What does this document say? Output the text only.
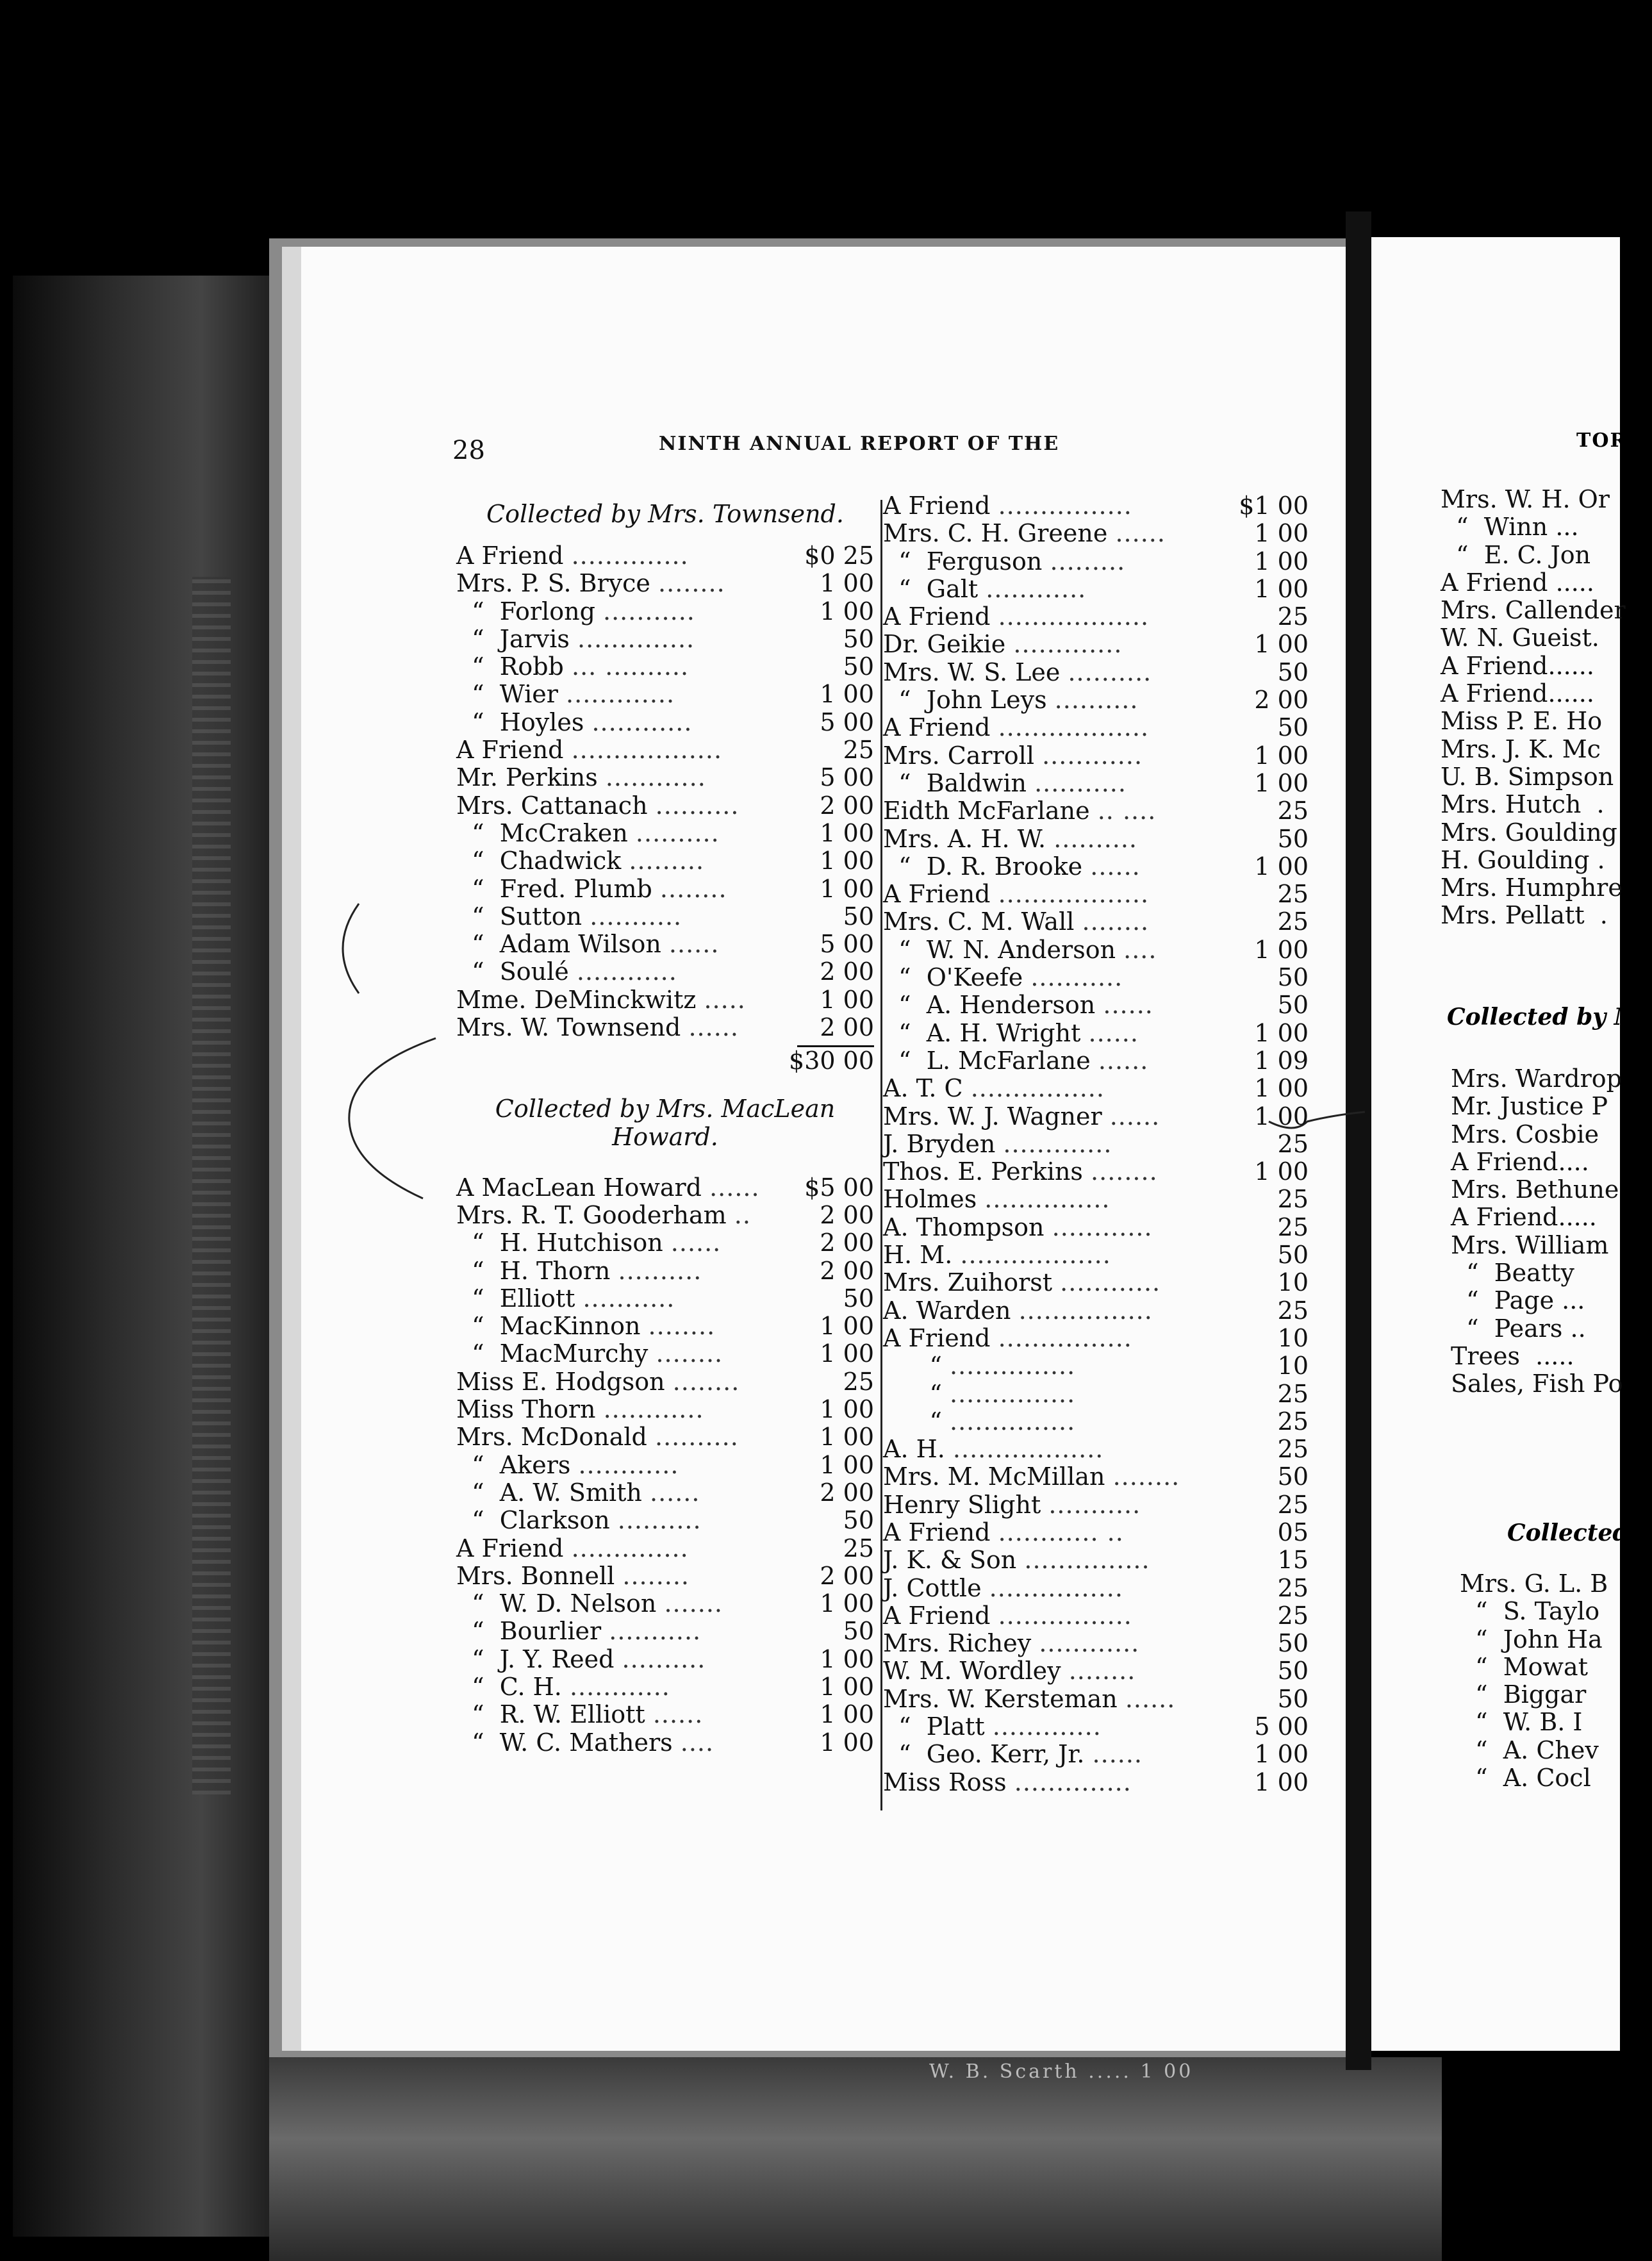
W. B. Scarth ..... 1 00
28	NINTH ANNUAL REPORT OF THE
Collected by Mrs. Townsend.
A Friend ..............	$0 25
Mrs. P. S. Bryce ........	1 00
“  Forlong ...........	1 00
“  Jarvis ..............	50
“  Robb ... ..........	50
“  Wier .............	1 00
“  Hoyles ............	5 00
A Friend ..................	25
Mr. Perkins ............	5 00
Mrs. Cattanach ..........	2 00
“  McCraken ..........	1 00
“  Chadwick .........	1 00
“  Fred. Plumb ........	1 00
“  Sutton ...........	50
“  Adam Wilson ......	5 00
“  Soulé ............	2 00
Mme. DeMinckwitz .....	1 00
Mrs. W. Townsend ......	2 00
$30 00
Collected by Mrs. MacLean
Howard.
A MacLean Howard ...... $5 00
Mrs. R. T. Gooderham ..	2 00
“  H. Hutchison ......	2 00
“  H. Thorn ..........	2 00
“  Elliott ...........	50
“  MacKinnon ........	1 00
“  MacMurchy ........	1 00
Miss E. Hodgson ........	25
Miss Thorn ............	1 00
Mrs. McDonald ..........	1 00
“  Akers ............	1 00
“  A. W. Smith ......	2 00
“  Clarkson ..........	50
A Friend ..............	25
Mrs. Bonnell ........	2 00
“  W. D. Nelson .......	1 00
“  Bourlier ...........	50
“  J. Y. Reed ..........	1 00
“  C. H. ............	1 00
“  R. W. Elliott ......	1 00
“  W. C. Mathers ....	1 00
A Friend ................	$1 00
Mrs. C. H. Greene ......	1 00
“  Ferguson .........	1 00
“  Galt ............	1 00
A Friend ..................	25
Dr. Geikie .............	1 00
Mrs. W. S. Lee ..........	50
“  John Leys ..........	2 00
A Friend ..................	50
Mrs. Carroll ............	1 00
“  Baldwin ...........	1 00
Eidth McFarlane .. ....	25
Mrs. A. H. W. ..........	50
“  D. R. Brooke ......	1 00
A Friend ..................	25
Mrs. C. M. Wall ........	25
“  W. N. Anderson ....	1 00
“  O'Keefe ...........	50
“  A. Henderson ......	50
“  A. H. Wright ......	1 00
“  L. McFarlane ......	1 09
A. T. C ................	1 00
Mrs. W. J. Wagner ......	1 00
J. Bryden .............	25
Thos. E. Perkins ........	1 00
Holmes ...............	25
A. Thompson ............	25
H. M. ..................	50
Mrs. Zuihorst ............	10
A. Warden ................	25
A Friend ................	10
“ ...............	10
“ ...............	25
“ ...............	25
A. H. ..................	25
Mrs. M. McMillan ........	50
Henry Slight ...........	25
A Friend ............ ..	05
J. K. & Son ...............	15
J. Cottle ................	25
A Friend ................	25
Mrs. Richey ............	50
W. M. Wordley ........	50
Mrs. W. Kersteman ......	50
“  Platt .............	5 00
“  Geo. Kerr, Jr. ......	1 00
Miss Ross ..............	1 00
TOR
Mrs. W. H. Or
“  Winn ...
“  E. C. Jon
A Friend .....
Mrs. Callender
W. N. Gueist.
A Friend......
A Friend......
Miss P. E. Ho
Mrs. J. K. Mc
U. B. Simpson
Mrs. Hutch  .
Mrs. Goulding
H. Goulding .
Mrs. Humphre
Mrs. Pellatt  .
Collected by Mr
Mrs. Wardrop
Mr. Justice P
Mrs. Cosbie
A Friend....
Mrs. Bethune
A Friend.....
Mrs. William
“  Beatty
“  Page ...
“  Pears ..
Trees  .....
Sales, Fish Po
Collected
Mrs. G. L. B
“  S. Taylo
“  John Ha
“  Mowat
“  Biggar
“  W. B. I
“  A. Chev
“  A. Cocl
